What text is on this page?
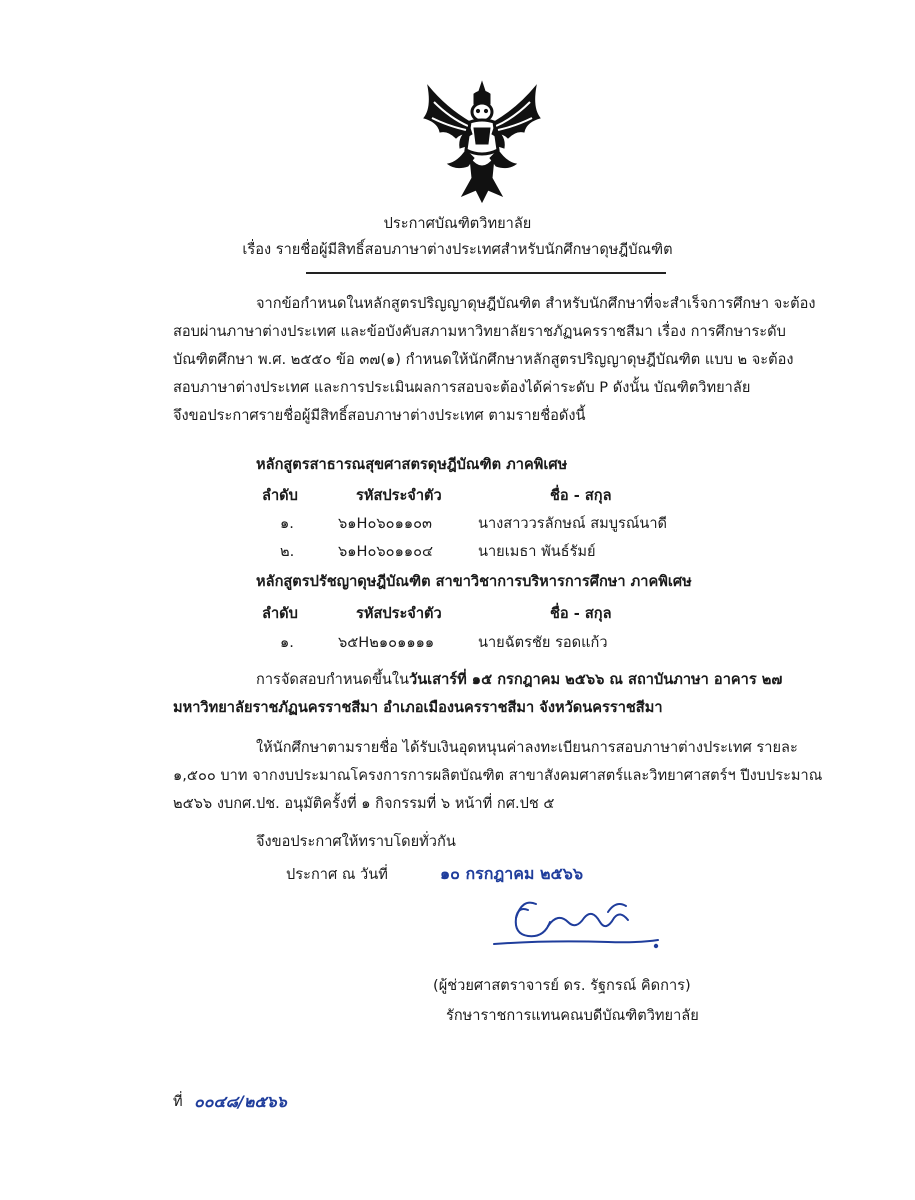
ประกาศบัณฑิตวิทยาลัย
เรื่อง รายชื่อผู้มีสิทธิ์สอบภาษาต่างประเทศสำหรับนักศึกษาดุษฎีบัณฑิต
จากข้อกำหนดในหลักสูตรปริญญาดุษฎีบัณฑิต สำหรับนักศึกษาที่จะสำเร็จการศึกษา จะต้อง
สอบผ่านภาษาต่างประเทศ และข้อบังคับสภามหาวิทยาลัยราชภัฏนครราชสีมา เรื่อง การศึกษาระดับ
บัณฑิตศึกษา พ.ศ. ๒๕๕๐ ข้อ ๓๗(๑) กำหนดให้นักศึกษาหลักสูตรปริญญาดุษฎีบัณฑิต แบบ ๒ จะต้อง
สอบภาษาต่างประเทศ และการประเมินผลการสอบจะต้องได้ค่าระดับ P ดังนั้น บัณฑิตวิทยาลัย
จึงขอประกาศรายชื่อผู้มีสิทธิ์สอบภาษาต่างประเทศ ตามรายชื่อดังนี้
หลักสูตรสาธารณสุขศาสตรดุษฎีบัณฑิต ภาคพิเศษ
ลำดับ	รหัสประจำตัว	ชื่อ - สกุล
๑.	๖๑H๐๖๐๑๑๐๓	นางสาววรลักษณ์ สมบูรณ์นาดี
๒.	๖๑H๐๖๐๑๑๐๔	นายเมธา พันธ์รัมย์
หลักสูตรปรัชญาดุษฎีบัณฑิต สาขาวิชาการบริหารการศึกษา ภาคพิเศษ
ลำดับ	รหัสประจำตัว	ชื่อ - สกุล
๑.	๖๕H๒๑๐๑๑๑๑	นายฉัตรชัย รอดแก้ว
การจัดสอบกำหนดขึ้นในวันเสาร์ที่ ๑๕ กรกฎาคม ๒๕๖๖ ณ สถาบันภาษา อาคาร ๒๗
มหาวิทยาลัยราชภัฏนครราชสีมา อำเภอเมืองนครราชสีมา จังหวัดนครราชสีมา
ให้นักศึกษาตามรายชื่อ ได้รับเงินอุดหนุนค่าลงทะเบียนการสอบภาษาต่างประเทศ รายละ
๑,๕๐๐ บาท จากงบประมาณโครงการการผลิตบัณฑิต สาขาสังคมศาสตร์และวิทยาศาสตร์ฯ ปีงบประมาณ
๒๕๖๖ งบกศ.ปช. อนุมัติครั้งที่ ๑ กิจกรรมที่ ๖ หน้าที่ กศ.ปช ๕
จึงขอประกาศให้ทราบโดยทั่วกัน
ประกาศ ณ วันที่	๑๐ กรกฎาคม ๒๕๖๖
(ผู้ช่วยศาสตราจารย์ ดร. รัฐกรณ์ คิดการ)
รักษาราชการแทนคณบดีบัณฑิตวิทยาลัย
ที่ ๐๐๔๘/๒๕๖๖
